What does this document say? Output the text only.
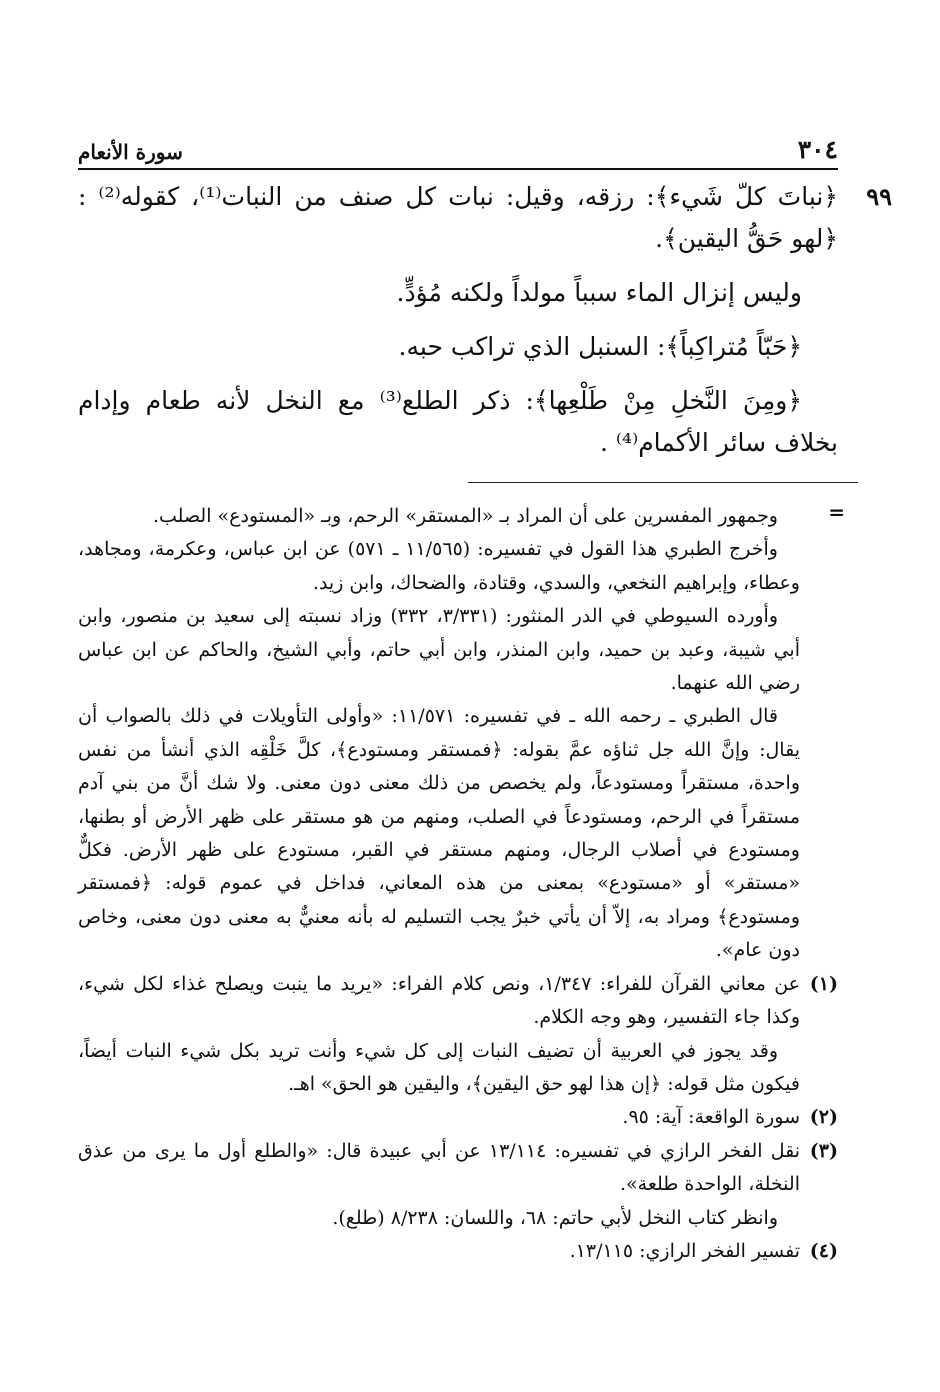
٣٠٤
سورة الأنعام
٩٩

﴿نباتَ كلّ شَيء﴾: رزقه، وقيل: نبات كل صنف من النبات⁽¹⁾، كقوله⁽²⁾ : ﴿لهو حَقُّ اليقين﴾.

وليس إنزال الماء سبباً مولداً ولكنه مُؤدٍّ.

﴿حَبّاً مُتراكِباً﴾: السنبل الذي تراكب حبه.

﴿ومِنَ النَّخلِ مِنْ طَلْعِها﴾: ذكر الطلع⁽³⁾ مع النخل لأنه طعام وإدام بخلاف سائر الأكمام⁽⁴⁾ .

=

وجمهور المفسرين على أن المراد بـ «المستقر» الرحم، وبـ «المستودع» الصلب.

وأخرج الطبري هذا القول في تفسيره: (١١/٥٦٥ ـ ٥٧١) عن ابن عباس، وعكرمة، ومجاهد، وعطاء، وإبراهيم النخعي، والسدي، وقتادة، والضحاك، وابن زيد.

وأورده السيوطي في الدر المنثور: (٣/٣٣١، ٣٣٢) وزاد نسبته إلى سعيد بن منصور، وابن أبي شيبة، وعبد بن حميد، وابن المنذر، وابن أبي حاتم، وأبي الشيخ، والحاكم عن ابن عباس رضي الله عنهما.

قال الطبري ـ رحمه الله ـ في تفسيره: ١١/٥٧١: «وأولى التأويلات في ذلك بالصواب أن يقال: وإنَّ الله جل ثناؤه عمَّ بقوله: ﴿فمستقر ومستودع﴾، كلَّ خَلْقِه الذي أنشأ من نفس واحدة، مستقراً ومستودعاً، ولم يخصص من ذلك معنى دون معنى. ولا شك أنَّ من بني آدم مستقراً في الرحم، ومستودعاً في الصلب، ومنهم من هو مستقر على ظهر الأرض أو بطنها، ومستودع في أصلاب الرجال، ومنهم مستقر في القبر، مستودع على ظهر الأرض. فكلٌّ «مستقر» أو «مستودع» بمعنى من هذه المعاني، فداخل في عموم قوله: ﴿فمستقر ومستودع﴾ ومراد به، إلاّ أن يأتي خبرٌ يجب التسليم له بأنه معنيٌّ به معنى دون معنى، وخاص دون عام».

(١)

عن معاني القرآن للفراء: ١/٣٤٧، ونص كلام الفراء: «يريد ما ينبت ويصلح غذاء لكل شيء، وكذا جاء التفسير، وهو وجه الكلام.

وقد يجوز في العربية أن تضيف النبات إلى كل شيء وأنت تريد بكل شيء النبات أيضاً، فيكون مثل قوله: ﴿إن هذا لهو حق اليقين﴾، واليقين هو الحق» اهـ.

(٢)

سورة الواقعة: آية: ٩٥.

(٣)

نقل الفخر الرازي في تفسيره: ١٣/١١٤ عن أبي عبيدة قال: «والطلع أول ما يرى من عذق النخلة، الواحدة طلعة».

وانظر كتاب النخل لأبي حاتم: ٦٨، واللسان: ٨/٢٣٨ (طلع).

(٤)

تفسير الفخر الرازي: ١٣/١١٥.
